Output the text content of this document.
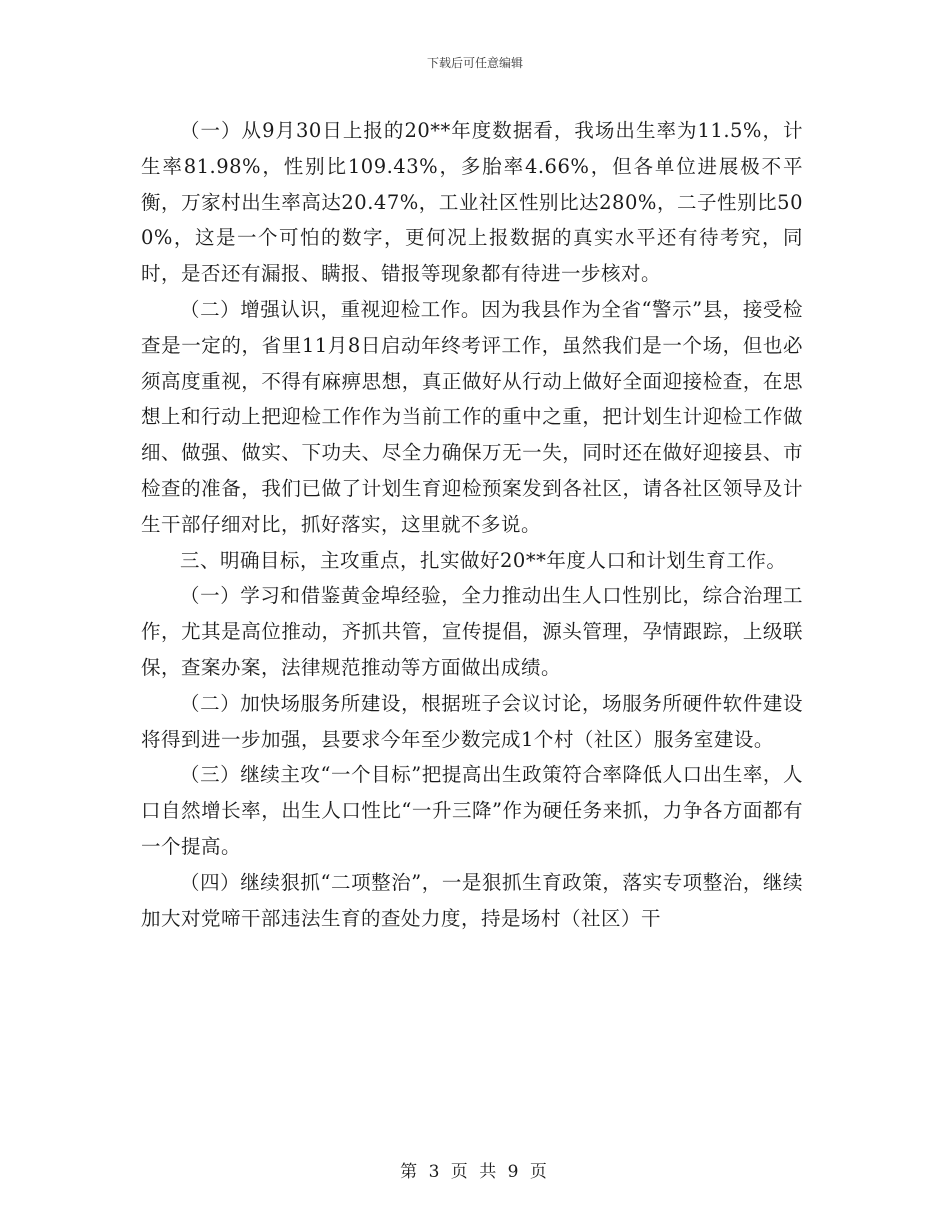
下载后可任意编辑

（一）从9月30日上报的20**年度数据看，我场出生率为11.5%，计生率81.98%，性别比109.43%，多胎率4.66%，但各单位进展极不平衡，万家村出生率高达20.47%，工业社区性别比达280%，二子性别比500%，这是一个可怕的数字，更何况上报数据的真实水平还有待考究，同时，是否还有漏报、瞒报、错报等现象都有待进一步核对。

（二）增强认识，重视迎检工作。因为我县作为全省“警示”县，接受检查是一定的，省里11月8日启动年终考评工作，虽然我们是一个场，但也必须高度重视，不得有麻痹思想，真正做好从行动上做好全面迎接检查，在思想上和行动上把迎检工作作为当前工作的重中之重，把计划生计迎检工作做细、做强、做实、下功夫、尽全力确保万无一失，同时还在做好迎接县、市检查的准备，我们已做了计划生育迎检预案发到各社区，请各社区领导及计生干部仔细对比，抓好落实，这里就不多说。

三、明确目标，主攻重点，扎实做好20**年度人口和计划生育工作。

（一）学习和借鉴黄金埠经验，全力推动出生人口性别比，综合治理工作，尤其是高位推动，齐抓共管，宣传提倡，源头管理，孕情跟踪，上级联保，查案办案，法律规范推动等方面做出成绩。

（二）加快场服务所建设，根据班子会议讨论，场服务所硬件软件建设将得到进一步加强，县要求今年至少数完成1个村（社区）服务室建设。

（三）继续主攻“一个目标”把提高出生政策符合率降低人口出生率，人口自然增长率，出生人口性比“一升三降”作为硬任务来抓，力争各方面都有一个提高。

（四）继续狠抓“二项整治”，一是狠抓生育政策，落实专项整治，继续加大对党啼干部违法生育的查处力度，持是场村（社区）干

第 3 页 共 9 页
